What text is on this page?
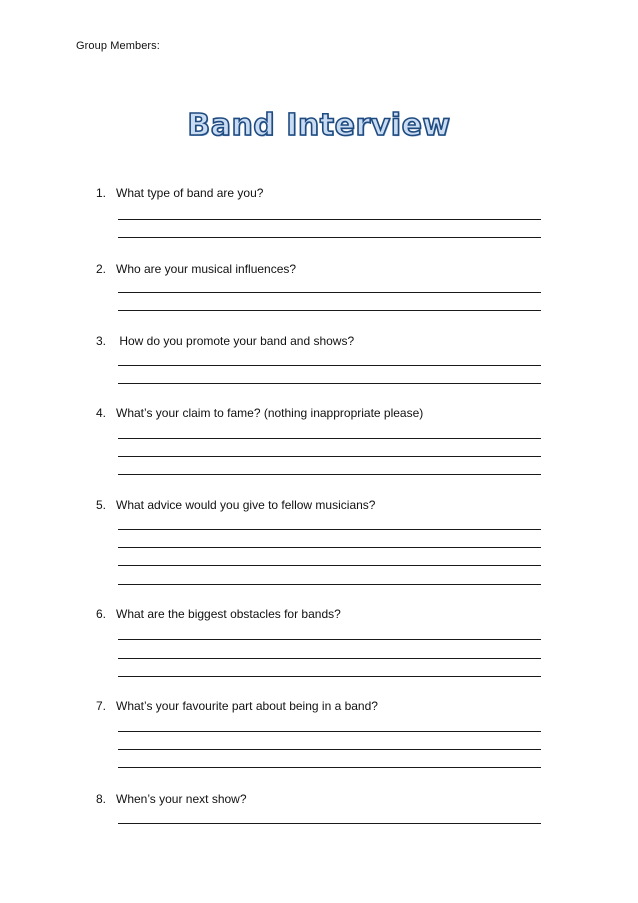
Group Members:
Band Interview
1. What type of band are you?
2. Who are your musical influences?
3. How do you promote your band and shows?
4. What’s your claim to fame? (nothing inappropriate please)
5. What advice would you give to fellow musicians?
6. What are the biggest obstacles for bands?
7. What’s your favourite part about being in a band?
8. When’s your next show?
